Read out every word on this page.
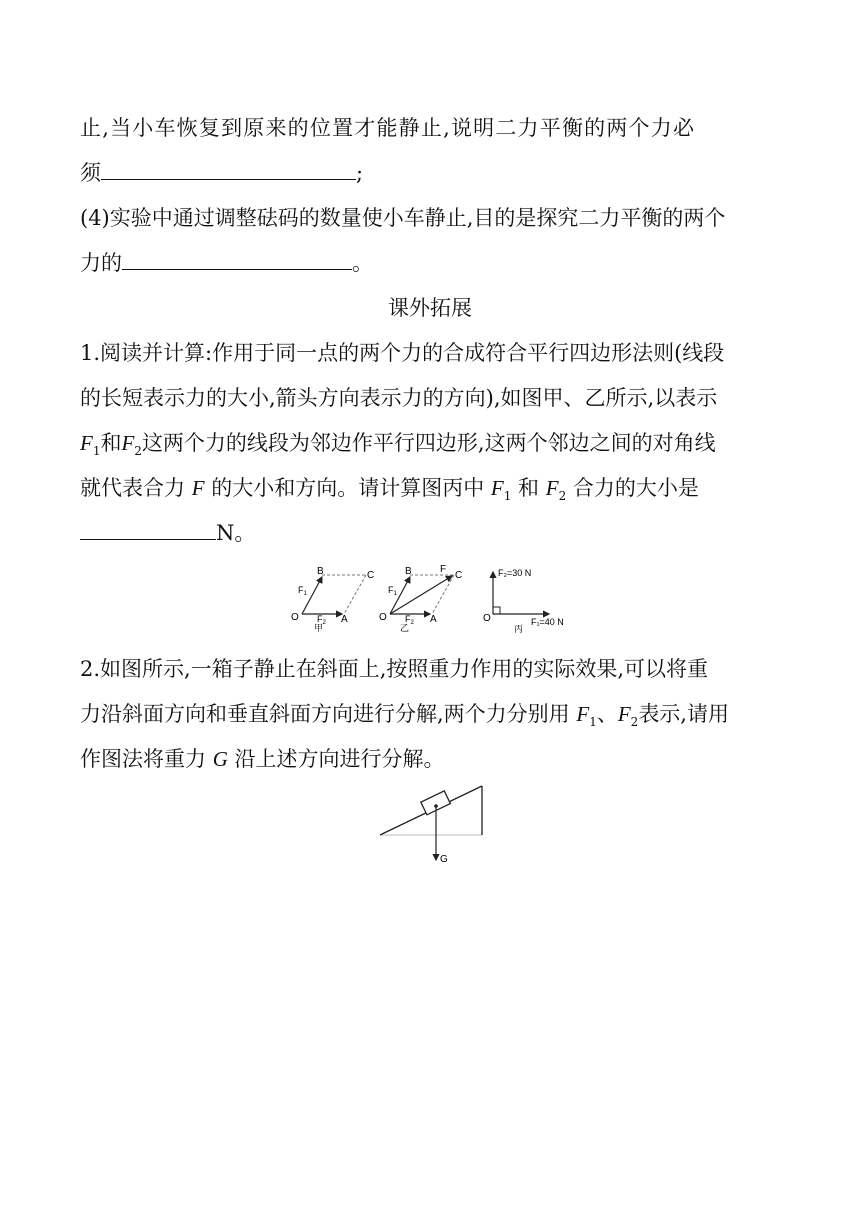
止,当小车恢复到原来的位置才能静止,说明二力平衡的两个力必
须	;
(4)实验中通过调整砝码的数量使小车静止,目的是探究二力平衡的两个
力的	。
课外拓展
1.阅读并计算:作用于同一点的两个力的合成符合平行四边形法则(线段
的长短表示力的大小,箭头方向表示力的方向),如图甲、乙所示,以表示
$F_1$和$F_2$这两个力的线段为邻边作平行四边形,这两个邻边之间的对角线
就代表合力 F 的大小和方向。请计算图丙中 $F_1$ 和 $F_2$ 合力的大小是
N。
B	C
O	A
$F_1$
$F_2$
甲
B	C
F
O	A
$F_1$
$F_2$
乙
F₂=30 N
F₁=40 N
O
丙
2.如图所示,一箱子静止在斜面上,按照重力作用的实际效果,可以将重
力沿斜面方向和垂直斜面方向进行分解,两个力分别用 $F_1$、$F_2$表示,请用
作图法将重力 G 沿上述方向进行分解。
G
